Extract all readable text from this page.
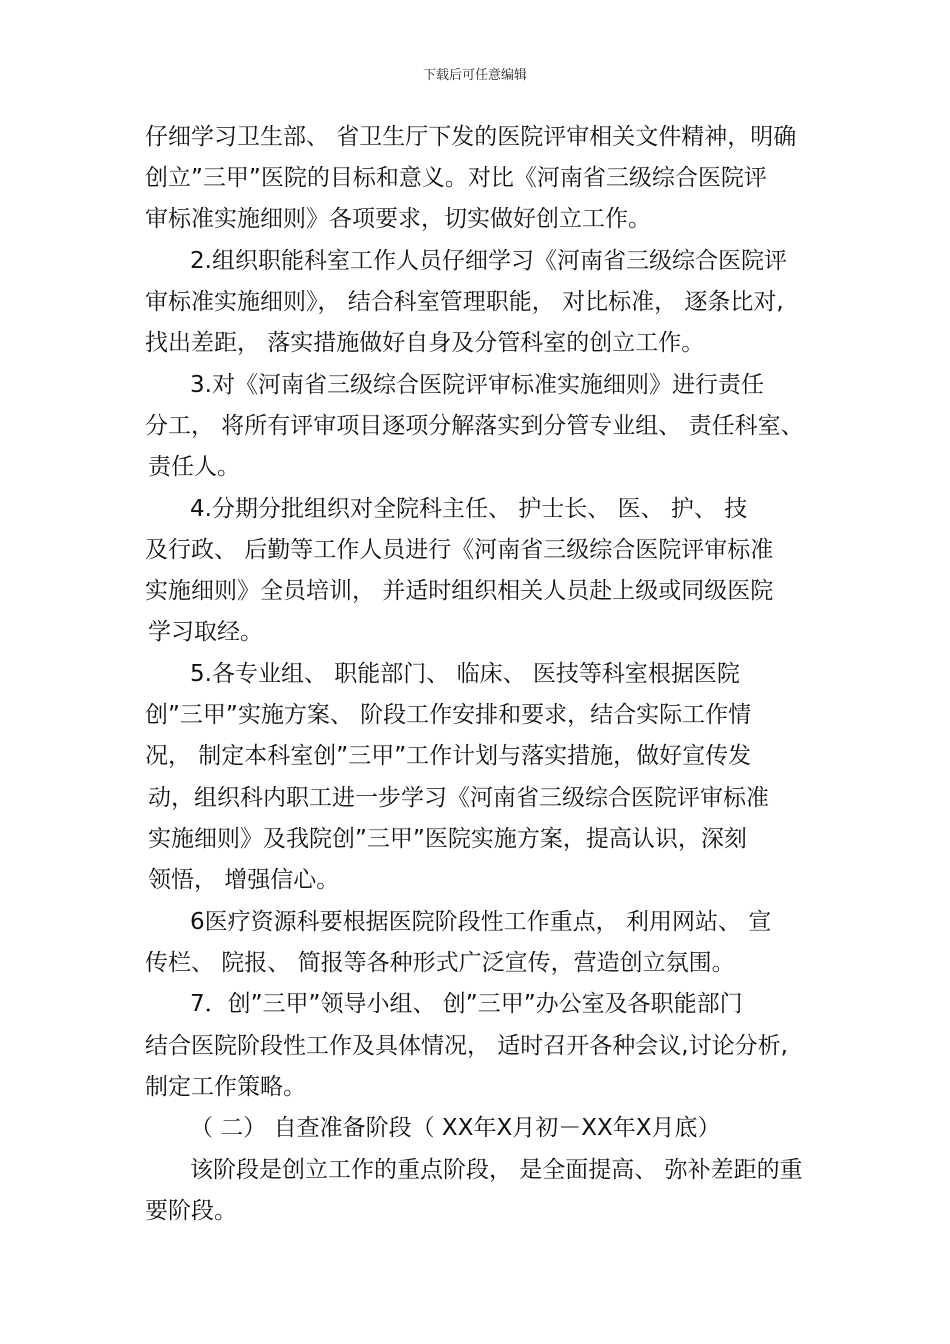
下载后可任意编辑
仔细学习卫生部、 省卫生厅下发的医院评审相关文件精神，明确
创立”三甲”医院的目标和意义。对比《河南省三级综合医院评
审标准实施细则》各项要求，切实做好创立工作。
2.组织职能科室工作人员仔细学习《河南省三级综合医院评
审标准实施细则》， 结合科室管理职能， 对比标准， 逐条比对,
找出差距， 落实措施做好自身及分管科室的创立工作。
3.对《河南省三级综合医院评审标准实施细则》进行责任
分工， 将所有评审项目逐项分解落实到分管专业组、 责任科室、
责任人。
4.分期分批组织对全院科主任、 护士长、 医、 护、 技
及行政、 后勤等工作人员进行《河南省三级综合医院评审标准
实施细则》全员培训， 并适时组织相关人员赴上级或同级医院
学习取经。
5.各专业组、 职能部门、 临床、 医技等科室根据医院
创”三甲”实施方案、 阶段工作安排和要求，结合实际工作情
况， 制定本科室创”三甲”工作计划与落实措施，做好宣传发
动，组织科内职工进一步学习《河南省三级综合医院评审标准
实施细则》及我院创”三甲”医院实施方案，提高认识，深刻
领悟， 增强信心。
6医疗资源科要根据医院阶段性工作重点， 利用网站、 宣
传栏、 院报、 简报等各种形式广泛宣传，营造创立氛围。
7．创”三甲”领导小组、 创”三甲”办公室及各职能部门
结合医院阶段性工作及具体情况， 适时召开各种会议,讨论分析,
制定工作策略。
（ 二） 自查准备阶段（ XX年X月初－XX年X月底）
该阶段是创立工作的重点阶段， 是全面提高、 弥补差距的重
要阶段。
